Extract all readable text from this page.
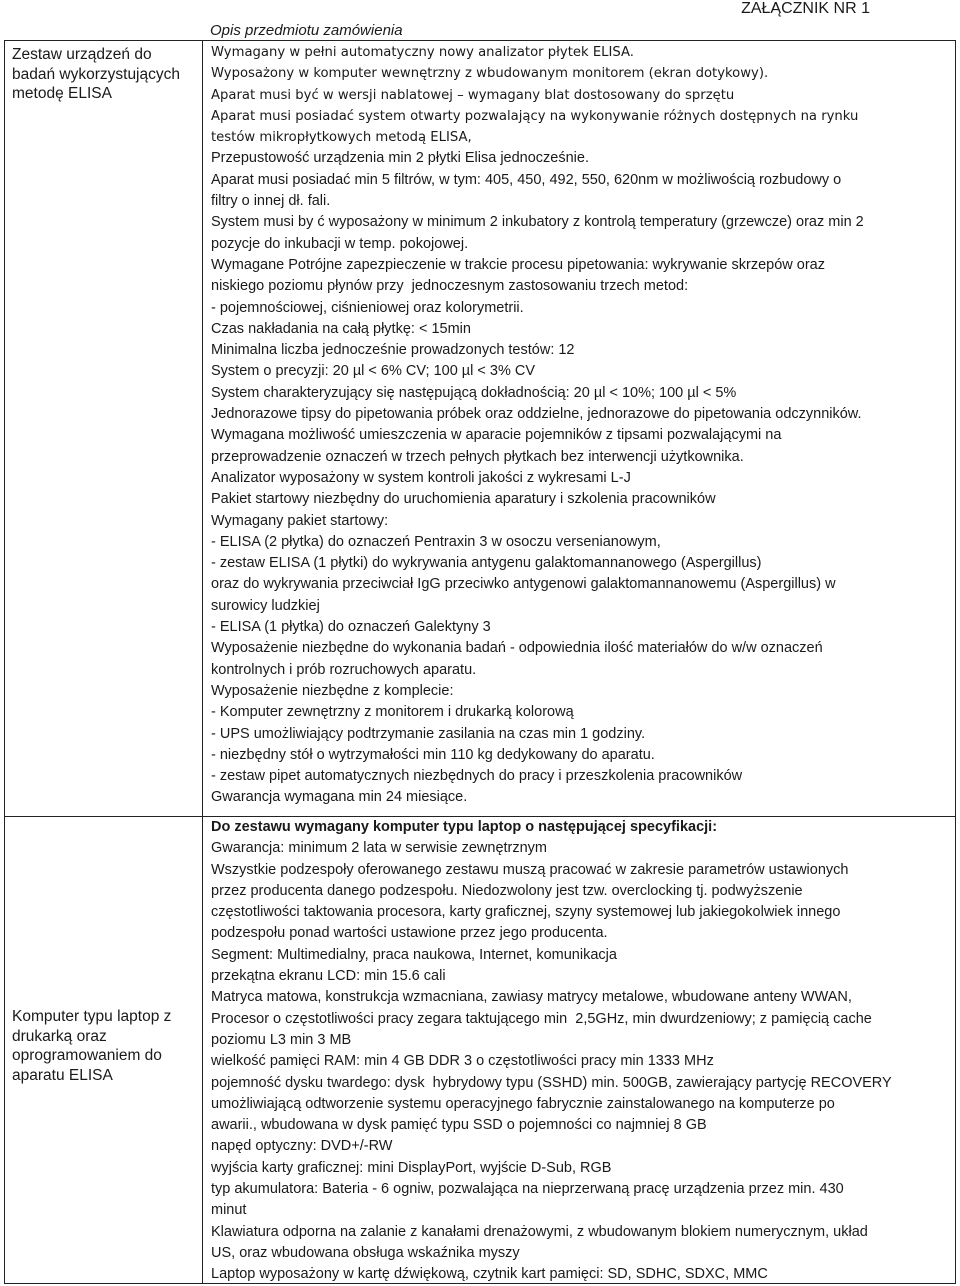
ZAŁĄCZNIK NR 1
Opis przedmiotu zamówienia
Zestaw urządzeń do badań wykorzystujących metodę ELISA
Komputer typu laptop z drukarką oraz oprogramowaniem do aparatu ELISA

Wymagany w pełni automatyczny nowy analizator płytek ELISA.

Wyposażony w komputer wewnętrzny z wbudowanym monitorem (ekran dotykowy).

Aparat musi być w wersji nablatowej – wymagany blat dostosowany do sprzętu

Aparat musi posiadać system otwarty pozwalający na wykonywanie różnych dostępnych na rynku

testów mikropłytkowych metodą ELISA,

Przepustowość urządzenia min 2 płytki Elisa jednocześnie.

Aparat musi posiadać min 5 filtrów, w tym: 405, 450, 492, 550, 620nm w możliwością rozbudowy o

filtry o innej dł. fali.

System musi by ć wyposażony w minimum 2 inkubatory z kontrolą temperatury (grzewcze) oraz min 2

pozycje do inkubacji w temp. pokojowej.

Wymagane Potrójne zapezpieczenie w trakcie procesu pipetowania: wykrywanie skrzepów oraz

niskiego poziomu płynów przy  jednoczesnym zastosowaniu trzech metod:

- pojemnościowej, ciśnieniowej oraz kolorymetrii.

Czas nakładania na całą płytkę: < 15min

Minimalna liczba jednocześnie prowadzonych testów: 12

System o precyzji: 20 µl < 6% CV; 100 µl < 3% CV

System charakteryzujący się następującą dokładnością: 20 µl < 10%; 100 µl < 5%

Jednorazowe tipsy do pipetowania próbek oraz oddzielne, jednorazowe do pipetowania odczynników.

Wymagana możliwość umieszczenia w aparacie pojemników z tipsami pozwalającymi na

przeprowadzenie oznaczeń w trzech pełnych płytkach bez interwencji użytkownika.

Analizator wyposażony w system kontroli jakości z wykresami L-J

Pakiet startowy niezbędny do uruchomienia aparatury i szkolenia pracowników

Wymagany pakiet startowy:

- ELISA (2 płytka) do oznaczeń Pentraxin 3 w osoczu versenianowym,

- zestaw ELISA (1 płytki) do wykrywania antygenu galaktomannanowego (Aspergillus)

oraz do wykrywania przeciwciał IgG przeciwko antygenowi galaktomannanowemu (Aspergillus) w

surowicy ludzkiej

- ELISA (1 płytka) do oznaczeń Galektyny 3

Wyposażenie niezbędne do wykonania badań - odpowiednia ilość materiałów do w/w oznaczeń

kontrolnych i prób rozruchowych aparatu.

Wyposażenie niezbędne z komplecie:

- Komputer zewnętrzny z monitorem i drukarką kolorową

- UPS umożliwiający podtrzymanie zasilania na czas min 1 godziny.

- niezbędny stół o wytrzymałości min 110 kg dedykowany do aparatu.

- zestaw pipet automatycznych niezbędnych do pracy i przeszkolenia pracowników

Gwarancja wymagana min 24 miesiące.

Do zestawu wymagany komputer typu laptop o następującej specyfikacji:

Gwarancja: minimum 2 lata w serwisie zewnętrznym

Wszystkie podzespoły oferowanego zestawu muszą pracować w zakresie parametrów ustawionych

przez producenta danego podzespołu. Niedozwolony jest tzw. overclocking tj. podwyższenie

częstotliwości taktowania procesora, karty graficznej, szyny systemowej lub jakiegokolwiek innego

podzespołu ponad wartości ustawione przez jego producenta.

Segment: Multimedialny, praca naukowa, Internet, komunikacja

przekątna ekranu LCD: min 15.6 cali

Matryca matowa, konstrukcja wzmacniana, zawiasy matrycy metalowe, wbudowane anteny WWAN,

Procesor o częstotliwości pracy zegara taktującego min  2,5GHz, min dwurdzeniowy; z pamięcią cache

poziomu L3 min 3 MB

wielkość pamięci RAM: min 4 GB DDR 3 o częstotliwości pracy min 1333 MHz

pojemność dysku twardego: dysk  hybrydowy typu (SSHD) min. 500GB, zawierający partycję RECOVERY

umożliwiającą odtworzenie systemu operacyjnego fabrycznie zainstalowanego na komputerze po

awarii., wbudowana w dysk pamięć typu SSD o pojemności co najmniej 8 GB

napęd optyczny: DVD+/-RW

wyjścia karty graficznej: mini DisplayPort, wyjście D-Sub, RGB

typ akumulatora: Bateria - 6 ogniw, pozwalająca na nieprzerwaną pracę urządzenia przez min. 430

minut

Klawiatura odporna na zalanie z kanałami drenażowymi, z wbudowanym blokiem numerycznym, układ

US, oraz wbudowana obsługa wskaźnika myszy

Laptop wyposażony w kartę dźwiękową, czytnik kart pamięci: SD, SDHC, SDXC, MMC
